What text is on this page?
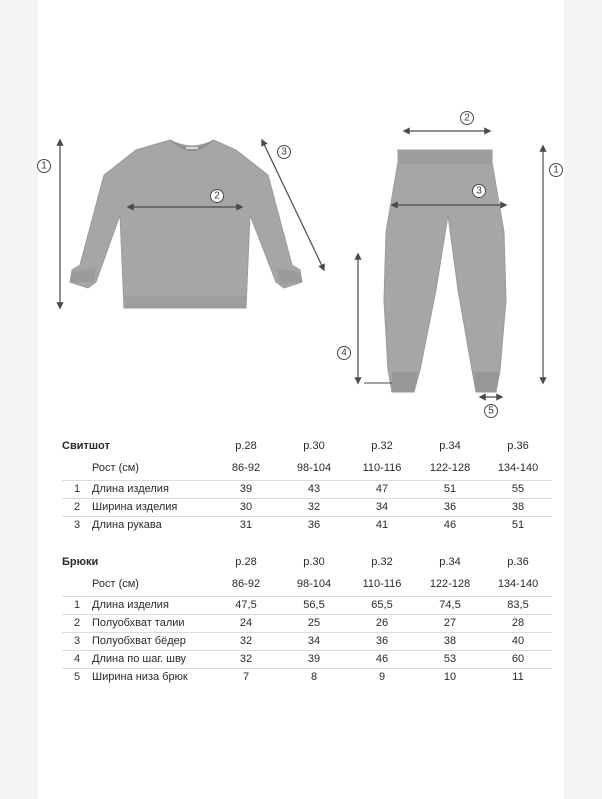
1
2
3
1
2
3
4
5
Свитшот		р.28	р.30	р.32	р.34	р.36
	Рост (см)	86-92	98-104	110-116	122-128	134-140
1	Длина изделия	39	43	47	51	55
2	Ширина изделия	30	32	34	36	38
3	Длина рукава	31	36	41	46	51
Брюки		р.28	р.30	р.32	р.34	р.36
	Рост (см)	86-92	98-104	110-116	122-128	134-140
1	Длина изделия	47,5	56,5	65,5	74,5	83,5
2	Полуобхват талии	24	25	26	27	28
3	Полуобхват бёдер	32	34	36	38	40
4	Длина по шаг. шву	32	39	46	53	60
5	Ширина низа брюк	7	8	9	10	11
